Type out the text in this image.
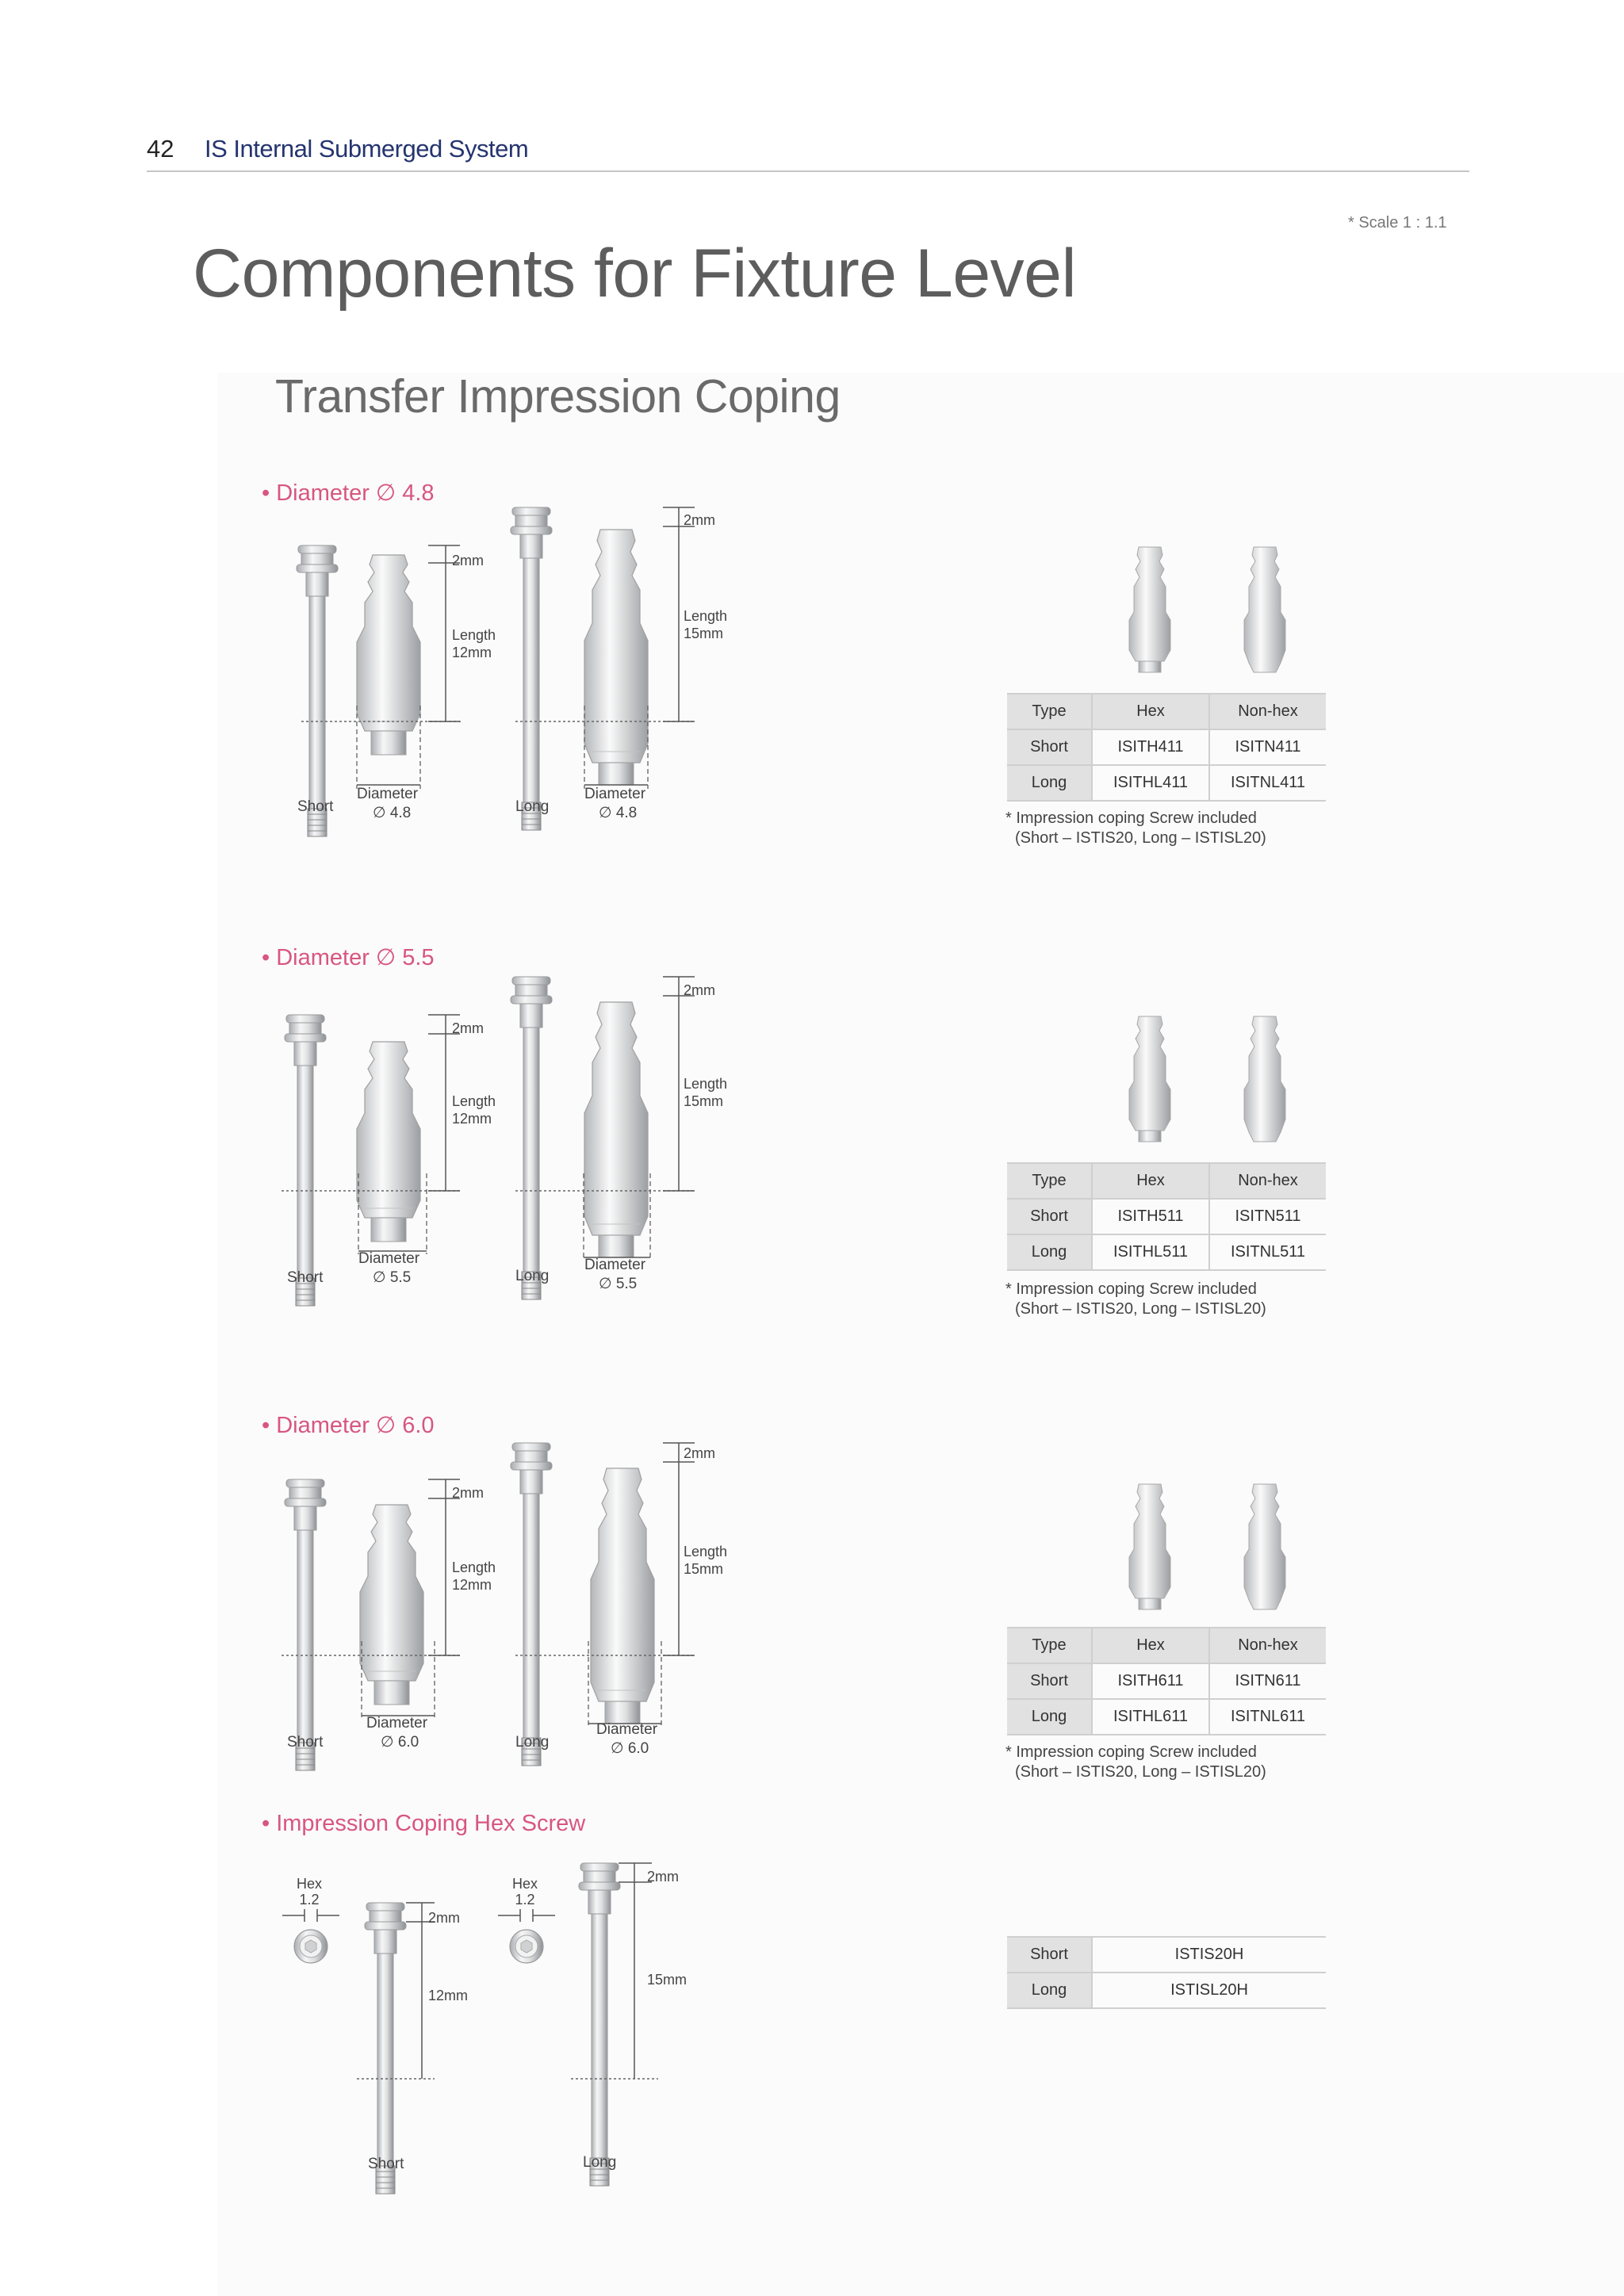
42 IS Internal Submerged System
* Scale 1 : 1.1
Components for Fixture Level
Transfer Impression Coping
• Diameter ∅ 4.8
2mm
Length
12mm
2mm
Length
15mm
Short	Long
Diameter
∅ 4.8
Diameter
∅ 4.8
Type	Hex	Non-hex
Short	ISITH411	ISITN411
Long	ISITHL411	ISITNL411
* Impression coping Screw included
(Short – ISTIS20, Long – ISTISL20)
• Diameter ∅ 5.5
2mm
Length
12mm
2mm
Length
15mm
Short	Long
Diameter
∅ 5.5
Diameter
∅ 5.5
Type	Hex	Non-hex
Short	ISITH511	ISITN511
Long	ISITHL511	ISITNL511
* Impression coping Screw included
(Short – ISTIS20, Long – ISTISL20)
• Diameter ∅ 6.0
2mm
Length
12mm
2mm
Length
15mm
Short	Long
Diameter
∅ 6.0
Diameter
∅ 6.0
Type	Hex	Non-hex
Short	ISITH611	ISITN611
Long	ISITHL611	ISITNL611
* Impression coping Screw included
(Short – ISTIS20, Long – ISTISL20)
• Impression Coping Hex Screw
Hex
1.2
Hex
1.2
2mm
12mm
2mm
15mm
Short	Long
Short	ISTIS20H
Long	ISTISL20H
